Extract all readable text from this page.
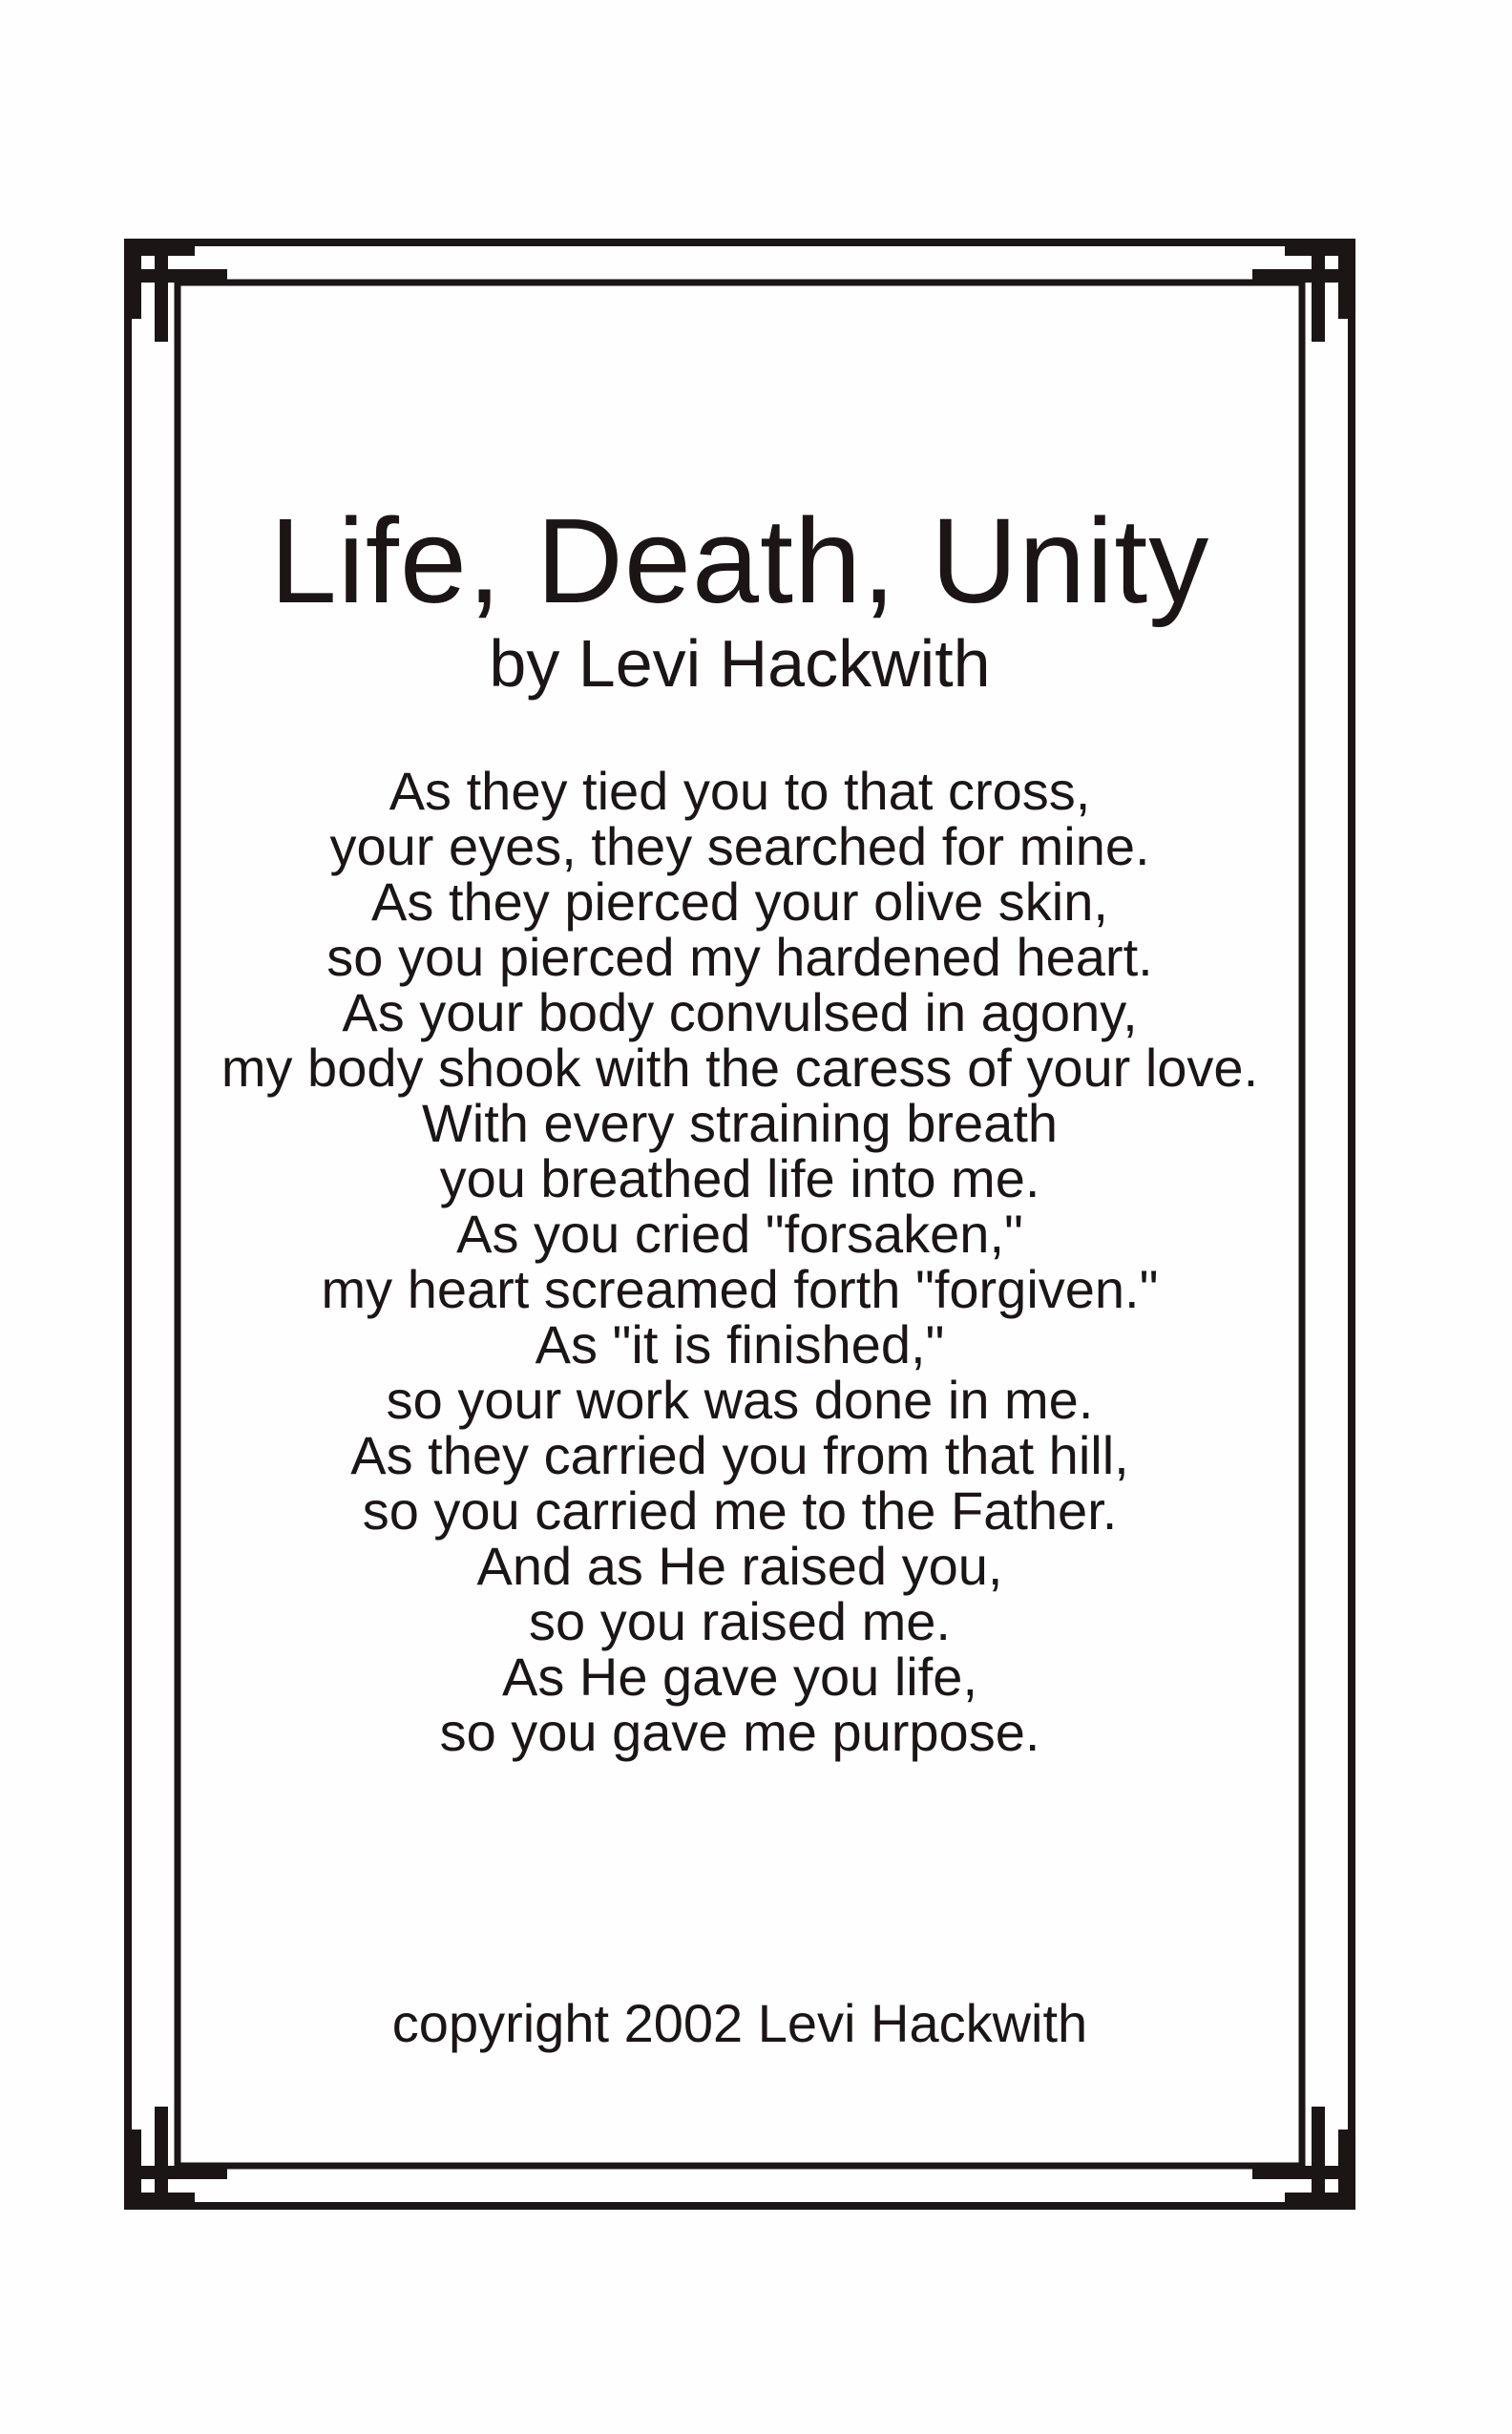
Life, Death, Unity

by Levi Hackwith

As they tied you to that cross,
your eyes, they searched for mine.
As they pierced your olive skin,
so you pierced my hardened heart.
As your body convulsed in agony,
my body shook with the caress of your love.
With every straining breath
you breathed life into me.
As you cried "forsaken,"
my heart screamed forth "forgiven."
As "it is finished,"
so your work was done in me.
As they carried you from that hill,
so you carried me to the Father.
And as He raised you,
so you raised me.
As He gave you life,
so you gave me purpose.

copyright 2002 Levi Hackwith
